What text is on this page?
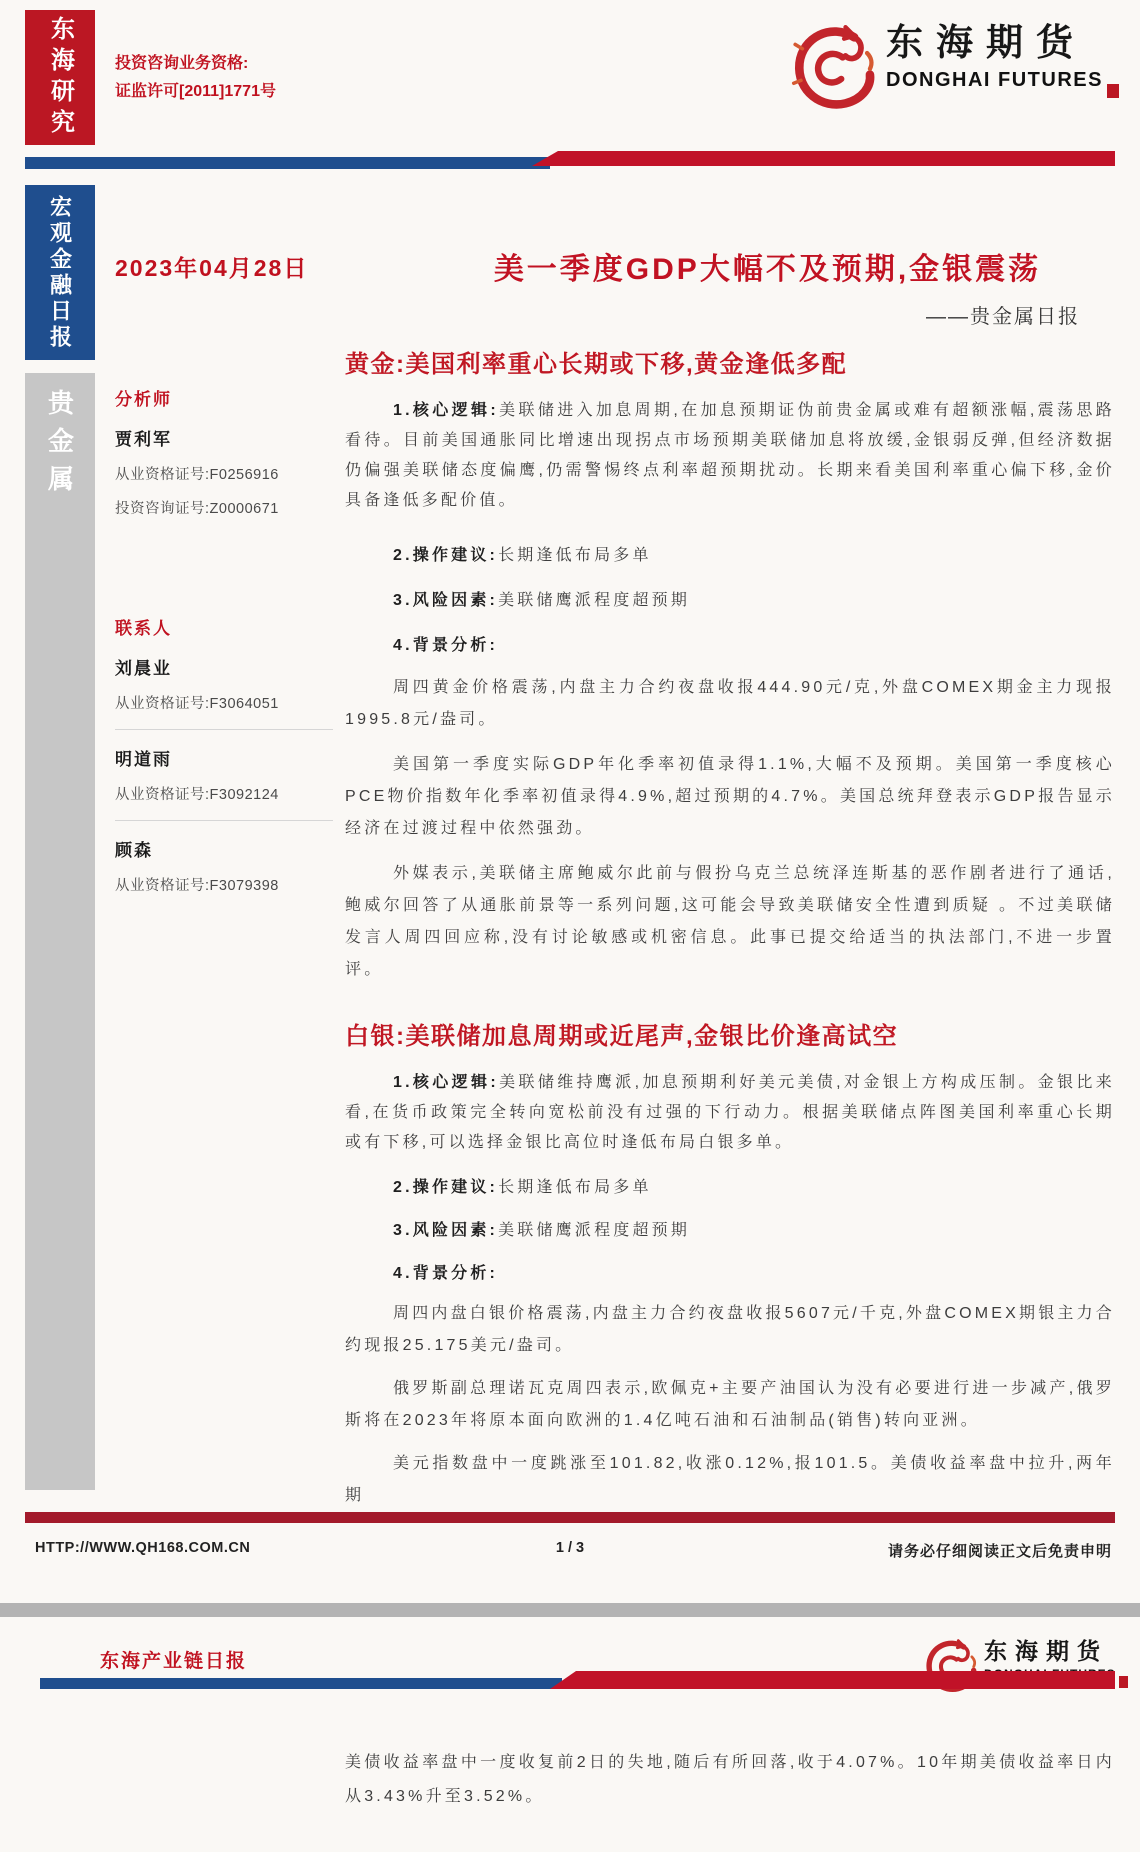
东海研究	投资咨询业务资格:
证监许可[2011]1771号
东海期货
DONGHAI FUTURES
宏观金融日报
贵金属
2023年04月28日	美一季度GDP大幅不及预期,金银震荡
——贵金属日报
分析师
贾利军
从业资格证号:F0256916
投资咨询证号:Z0000671
联系人
刘晨业
从业资格证号:F3064051
明道雨
从业资格证号:F3092124
顾森
从业资格证号:F3079398
黄金:美国利率重心长期或下移,黄金逢低多配

1.核心逻辑:美联储进入加息周期,在加息预期证伪前贵金属或难有超额涨幅,震荡思路看待。目前美国通胀同比增速出现拐点市场预期美联储加息将放缓,金银弱反弹,但经济数据仍偏强美联储态度偏鹰,仍需警惕终点利率超预期扰动。长期来看美国利率重心偏下移,金价具备逢低多配价值。

2.操作建议:长期逢低布局多单

3.风险因素:美联储鹰派程度超预期

4.背景分析:

周四黄金价格震荡,内盘主力合约夜盘收报444.90元/克,外盘COMEX期金主力现报1995.8元/盎司。

美国第一季度实际GDP年化季率初值录得1.1%,大幅不及预期。美国第一季度核心PCE物价指数年化季率初值录得4.9%,超过预期的4.7%。美国总统拜登表示GDP报告显示经济在过渡过程中依然强劲。

外媒表示,美联储主席鲍威尔此前与假扮乌克兰总统泽连斯基的恶作剧者进行了通话,鲍威尔回答了从通胀前景等一系列问题,这可能会导致美联储安全性遭到质疑 。不过美联储发言人周四回应称,没有讨论敏感或机密信息。此事已提交给适当的执法部门,不进一步置评。

白银:美联储加息周期或近尾声,金银比价逢高试空

1.核心逻辑:美联储维持鹰派,加息预期利好美元美债,对金银上方构成压制。金银比来看,在货币政策完全转向宽松前没有过强的下行动力。根据美联储点阵图美国利率重心长期或有下移,可以选择金银比高位时逢低布局白银多单。

2.操作建议:长期逢低布局多单

3.风险因素:美联储鹰派程度超预期

4.背景分析:

周四内盘白银价格震荡,内盘主力合约夜盘收报5607元/千克,外盘COMEX期银主力合约现报25.175美元/盎司。

俄罗斯副总理诺瓦克周四表示,欧佩克+主要产油国认为没有必要进行进一步减产,俄罗斯将在2023年将原本面向欧洲的1.4亿吨石油和石油制品(销售)转向亚洲。

美元指数盘中一度跳涨至101.82,收涨0.12%,报101.5。美债收益率盘中拉升,两年期

HTTP://WWW.QH168.COM.CN	1 / 3	请务必仔细阅读正文后免责申明
东海产业链日报	东海期货
美债收益率盘中一度收复前2日的失地,随后有所回落,收于4.07%。10年期美债收益率日内从3.43%升至3.52%。
